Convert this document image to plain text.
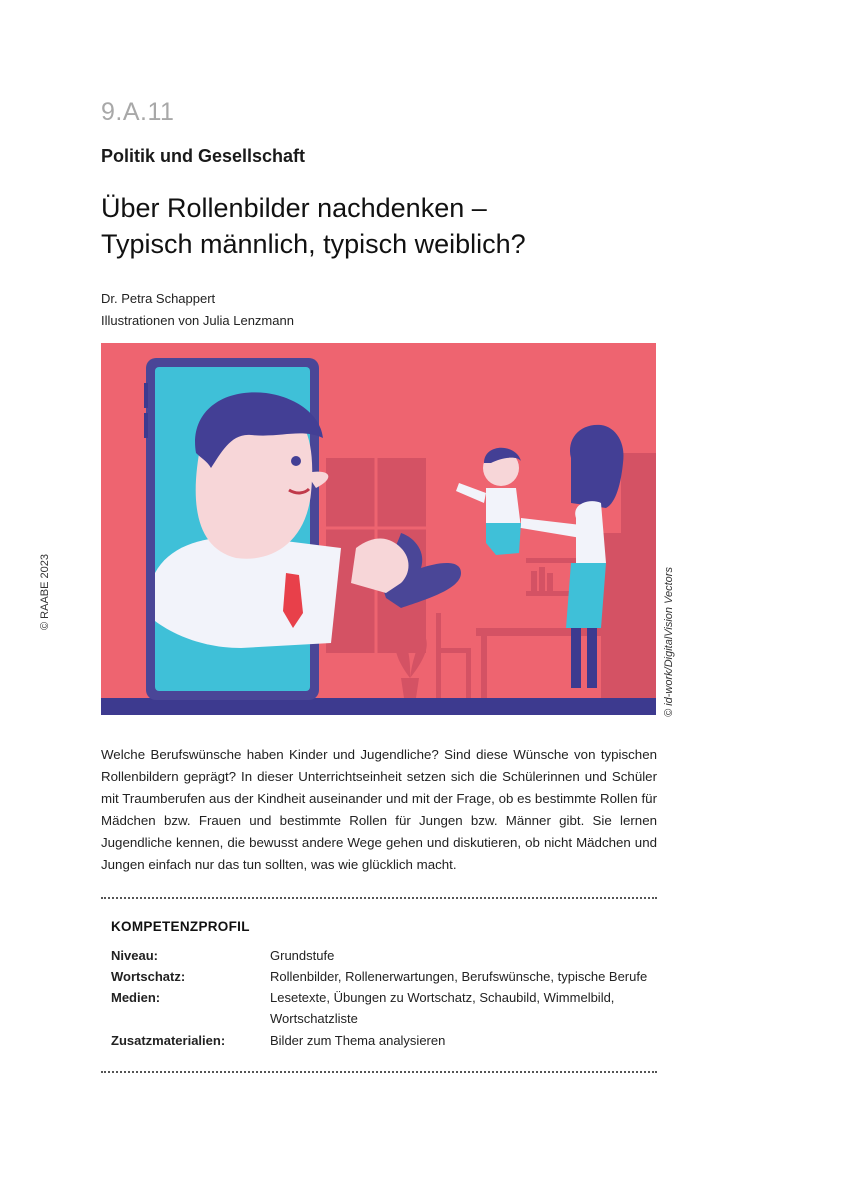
9.A.11
Politik und Gesellschaft
Über Rollenbilder nachdenken –
Typisch männlich, typisch weiblich?
Dr. Petra Schappert
Illustrationen von Julia Lenzmann
© RAABE 2023	© id-work/DigitalVision Vectors
Welche Berufswünsche haben Kinder und Jugendliche? Sind diese Wünsche von typischen Rollenbildern geprägt? In dieser Unterrichtseinheit setzen sich die Schülerinnen und Schüler mit Traumberufen aus der Kindheit auseinander und mit der Frage, ob es bestimmte Rollen für Mädchen bzw. Frauen und bestimmte Rollen für Jungen bzw. Männer gibt. Sie lernen Jugendliche kennen, die bewusst andere Wege gehen und diskutieren, ob nicht Mädchen und Jungen einfach nur das tun sollten, was wie glücklich macht.
KOMPETENZPROFIL
Niveau:	Grundstufe
Wortschatz:	Rollenbilder, Rollenerwartungen, Berufswünsche, typische Berufe
Medien:	Lesetexte, Übungen zu Wortschatz, Schaubild, Wimmelbild, Wortschatzliste
Zusatzmaterialien:	Bilder zum Thema analysieren
